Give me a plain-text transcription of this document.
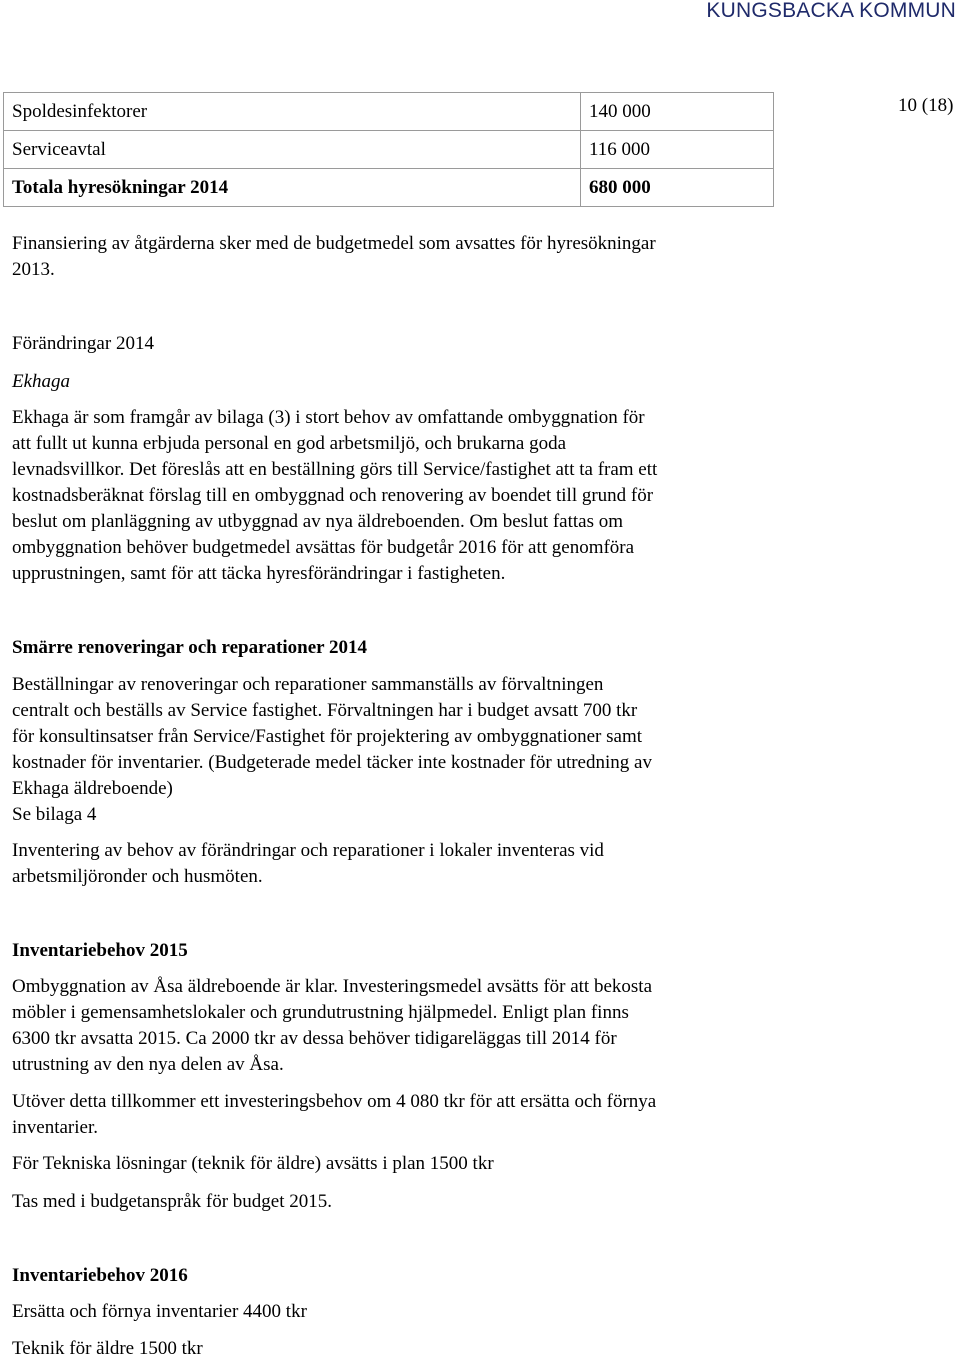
KUNGSBACKA KOMMUN
10 (18)
Spoldesinfektorer	140 000
Serviceavtal	116 000
Totala hyresökningar 2014	680 000

Finansiering av åtgärderna sker med de budgetmedel som avsattes för hyresökningar

2013.

Förändringar 2014

Ekhaga

Ekhaga är som framgår av bilaga (3) i stort behov av omfattande ombyggnation för

att fullt ut kunna erbjuda personal en god arbetsmiljö, och brukarna goda

levnadsvillkor. Det föreslås att en beställning görs till Service/fastighet att ta fram ett

kostnadsberäknat förslag till en ombyggnad och renovering av boendet till grund för

beslut om planläggning av utbyggnad av nya äldreboenden. Om beslut fattas om

ombyggnation behöver budgetmedel avsättas för budgetår 2016 för att genomföra

upprustningen, samt för att täcka hyresförändringar i fastigheten.

Smärre renoveringar och reparationer 2014

Beställningar av renoveringar och reparationer sammanställs av förvaltningen

centralt och beställs av Service fastighet. Förvaltningen har i budget avsatt 700 tkr

för konsultinsatser från Service/Fastighet för projektering av ombyggnationer samt

kostnader för inventarier. (Budgeterade medel täcker inte kostnader för utredning av

Ekhaga äldreboende)

Se bilaga 4

Inventering av behov av förändringar och reparationer i lokaler inventeras vid

arbetsmiljöronder och husmöten.

Inventariebehov 2015

Ombyggnation av Åsa äldreboende är klar. Investeringsmedel avsätts för att bekosta

möbler i gemensamhetslokaler och grundutrustning hjälpmedel. Enligt plan finns

6300 tkr avsatta 2015. Ca 2000 tkr av dessa behöver tidigareläggas till 2014 för

utrustning av den nya delen av Åsa.

Utöver detta tillkommer ett investeringsbehov om 4 080 tkr för att ersätta och förnya

inventarier.

För Tekniska lösningar (teknik för äldre) avsätts i plan 1500 tkr

Tas med i budgetanspråk för budget 2015.

Inventariebehov 2016

Ersätta och förnya inventarier 4400 tkr

Teknik för äldre 1500 tkr
